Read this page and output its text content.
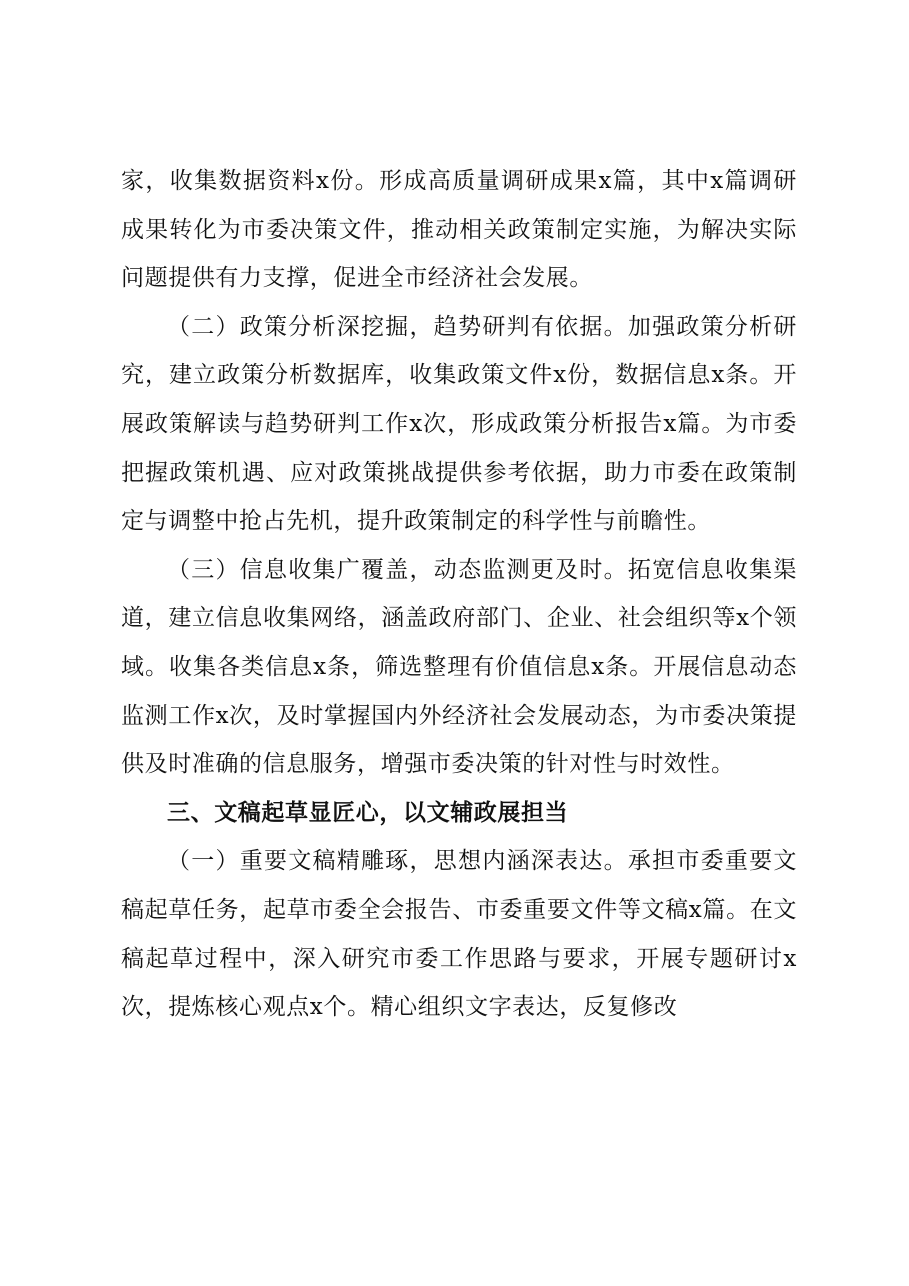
家，收集数据资料x份。形成高质量调研成果x篇，其中x篇调研成果转化为市委决策文件，推动相关政策制定实施，为解决实际问题提供有力支撑，促进全市经济社会发展。

（二）政策分析深挖掘，趋势研判有依据。加强政策分析研究，建立政策分析数据库，收集政策文件x份，数据信息x条。开展政策解读与趋势研判工作x次，形成政策分析报告x篇。为市委把握政策机遇、应对政策挑战提供参考依据，助力市委在政策制定与调整中抢占先机，提升政策制定的科学性与前瞻性。

（三）信息收集广覆盖，动态监测更及时。拓宽信息收集渠道，建立信息收集网络，涵盖政府部门、企业、社会组织等x个领域。收集各类信息x条，筛选整理有价值信息x条。开展信息动态监测工作x次，及时掌握国内外经济社会发展动态，为市委决策提供及时准确的信息服务，增强市委决策的针对性与时效性。

三、文稿起草显匠心，以文辅政展担当

（一）重要文稿精雕琢，思想内涵深表达。承担市委重要文稿起草任务，起草市委全会报告、市委重要文件等文稿x篇。在文稿起草过程中，深入研究市委工作思路与要求，开展专题研讨x次，提炼核心观点x个。精心组织文字表达，反复修改
